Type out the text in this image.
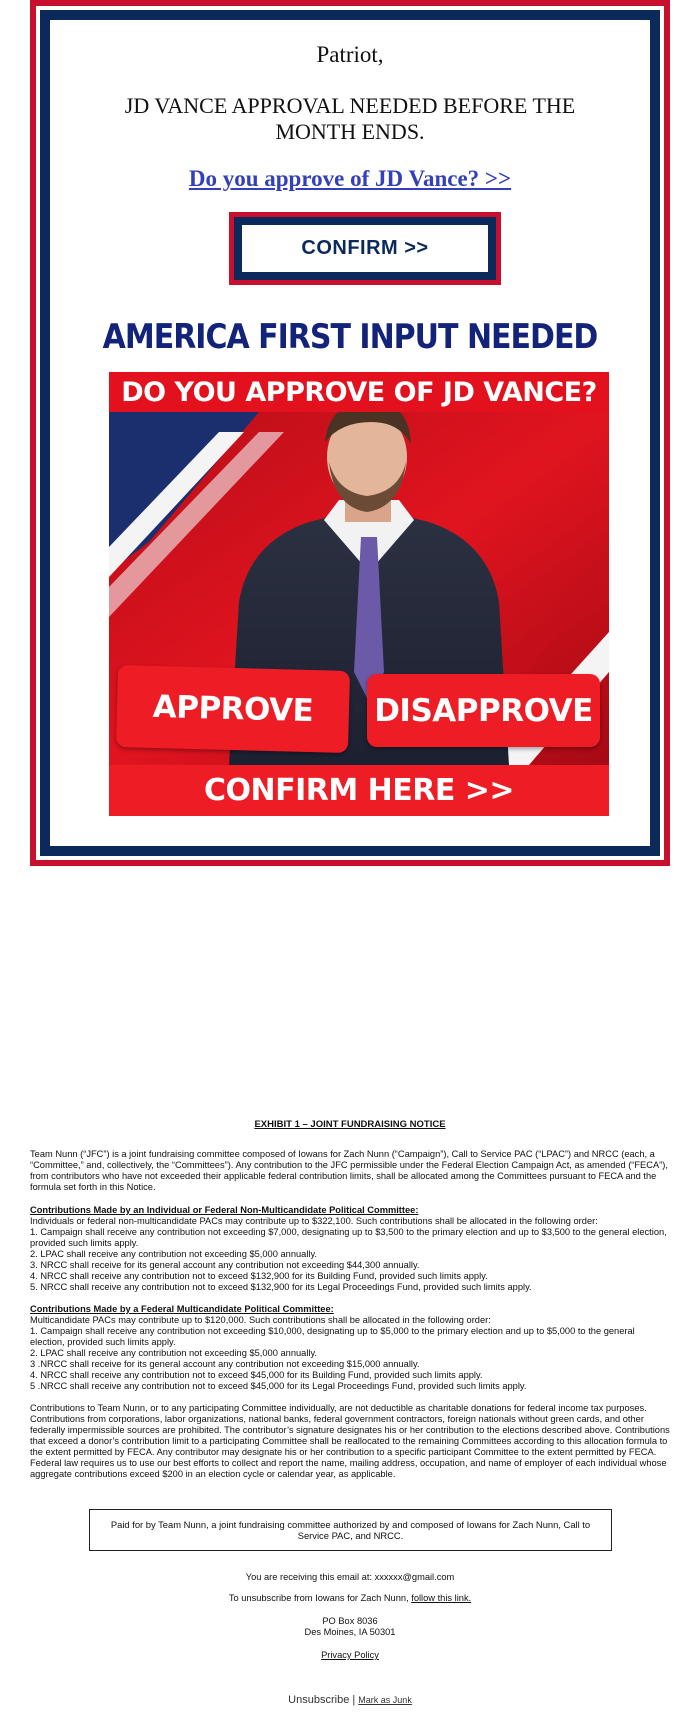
Patriot,
JD VANCE APPROVAL NEEDED BEFORE THE MONTH ENDS.
Do you approve of JD Vance? >>
CONFIRM >>
AMERICA FIRST INPUT NEEDED
DO YOU APPROVE OF JD VANCE?
APPROVE	DISAPPROVE
CONFIRM HERE >>
EXHIBIT 1 – JOINT FUNDRAISING NOTICE

Team Nunn (“JFC”) is a joint fundraising committee composed of Iowans for Zach Nunn (“Campaign”), Call to Service PAC (“LPAC”) and NRCC (each, a “Committee,” and, collectively, the “Committees”). Any contribution to the JFC permissible under the Federal Election Campaign Act, as amended (“FECA”), from contributors who have not exceeded their applicable federal contribution limits, shall be allocated among the Committees pursuant to FECA and the formula set forth in this Notice.

Contributions Made by an Individual or Federal Non-Multicandidate Political Committee:

Individuals or federal non-multicandidate PACs may contribute up to $322,100. Such contributions shall be allocated in the following order:

1. Campaign shall receive any contribution not exceeding $7,000, designating up to $3,500 to the primary election and up to $3,500 to the general election, provided such limits apply.

2. LPAC shall receive any contribution not exceeding $5,000 annually.

3. NRCC shall receive for its general account any contribution not exceeding $44,300 annually.

4. NRCC shall receive any contribution not to exceed $132,900 for its Building Fund, provided such limits apply.

5. NRCC shall receive any contribution not to exceed $132,900 for its Legal Proceedings Fund, provided such limits apply.

Contributions Made by a Federal Multicandidate Political Committee:

Multicandidate PACs may contribute up to $120,000. Such contributions shall be allocated in the following order:

1. Campaign shall receive any contribution not exceeding $10,000, designating up to $5,000 to the primary election and up to $5,000 to the general election, provided such limits apply.

2. LPAC shall receive any contribution not exceeding $5,000 annually.

3 .NRCC shall receive for its general account any contribution not exceeding $15,000 annually.

4. NRCC shall receive any contribution not to exceed $45,000 for its Building Fund, provided such limits apply.

5 .NRCC shall receive any contribution not to exceed $45,000 for its Legal Proceedings Fund, provided such limits apply.

Contributions to Team Nunn, or to any participating Committee individually, are not deductible as charitable donations for federal income tax purposes. Contributions from corporations, labor organizations, national banks, federal government contractors, foreign nationals without green cards, and other federally impermissible sources are prohibited. The contributor’s signature designates his or her contribution to the elections described above. Contributions that exceed a donor’s contribution limit to a participating Committee shall be reallocated to the remaining Committees according to this allocation formula to the extent permitted by FECA. Any contributor may designate his or her contribution to a specific participant Committee to the extent permitted by FECA. Federal law requires us to use our best efforts to collect and report the name, mailing address, occupation, and name of employer of each individual whose aggregate contributions exceed $200 in an election cycle or calendar year, as applicable.

Paid for by Team Nunn, a joint fundraising committee authorized by and composed of Iowans for Zach Nunn, Call to Service PAC, and NRCC.
You are receiving this email at: xxxxxx@gmail.com
To unsubscribe from Iowans for Zach Nunn, follow this link.
PO Box 8036
Des Moines, IA 50301
Privacy Policy
Unsubscribe | Mark as Junk
